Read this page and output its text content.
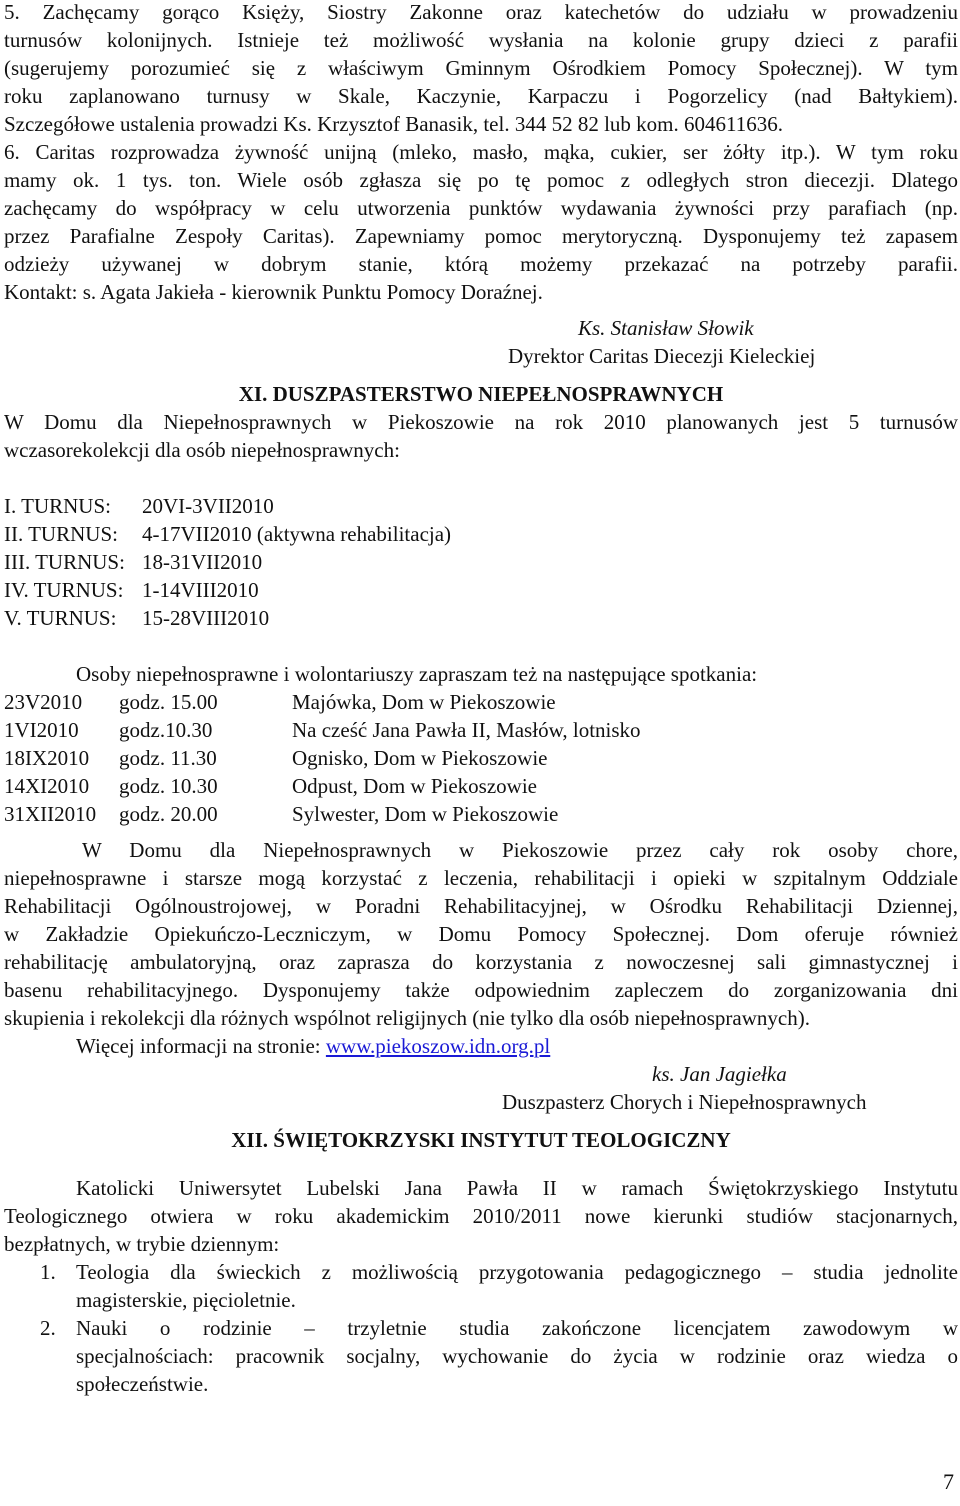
5. Zachęcamy gorąco Księży, Siostry Zakonne oraz katechetów do udziału w prowadzeniu

turnusów kolonijnych. Istnieje też możliwość wysłania na kolonie grupy dzieci z parafii

(sugerujemy porozumieć się z właściwym Gminnym Ośrodkiem Pomocy Społecznej). W tym

roku zaplanowano turnusy w Skale, Kaczynie, Karpaczu i Pogorzelicy (nad Bałtykiem).

Szczegółowe ustalenia prowadzi Ks. Krzysztof Banasik, tel. 344 52 82 lub kom. 604611636.

6. Caritas rozprowadza żywność unijną (mleko, masło, mąka, cukier, ser żółty itp.). W tym roku

mamy ok. 1 tys. ton. Wiele osób zgłasza się po tę pomoc z odległych stron diecezji. Dlatego

zachęcamy do współpracy w celu utworzenia punktów wydawania żywności przy parafiach (np.

przez Parafialne Zespoły Caritas). Zapewniamy pomoc merytoryczną. Dysponujemy też zapasem

odzieży używanej w dobrym stanie, którą możemy przekazać na potrzeby parafii.

Kontakt: s. Agata Jakieła - kierownik Punktu Pomocy Doraźnej.

Ks. Stanisław Słowik

Dyrektor Caritas Diecezji Kieleckiej

XI. DUSZPASTERSTWO NIEPEŁNOSPRAWNYCH

W Domu dla Niepełnosprawnych w Piekoszowie na rok 2010 planowanych jest 5 turnusów

wczasorekolekcji dla osób niepełnosprawnych:

I. TURNUS:	20VI-3VII2010
II. TURNUS:	4-17VII2010 (aktywna rehabilitacja)
III. TURNUS: 18-31VII2010
IV. TURNUS: 1-14VIII2010
V. TURNUS:	15-28VIII2010

Osoby niepełnosprawne i wolontariuszy zapraszam też na następujące spotkania:

23V2010	godz. 15.00	Majówka, Dom w Piekoszowie
1VI2010	godz.10.30	Na cześć Jana Pawła II, Masłów, lotnisko
18IX2010	godz. 11.30	Ognisko, Dom w Piekoszowie
14XI2010	godz. 10.30	Odpust, Dom w Piekoszowie
31XII2010	godz. 20.00	Sylwester, Dom w Piekoszowie

W Domu dla Niepełnosprawnych w Piekoszowie przez cały rok osoby chore,

niepełnosprawne i starsze mogą korzystać z leczenia, rehabilitacji i opieki w szpitalnym Oddziale

Rehabilitacji Ogólnoustrojowej, w Poradni Rehabilitacyjnej, w Ośrodku Rehabilitacji Dziennej,

w Zakładzie Opiekuńczo-Leczniczym, w Domu Pomocy Społecznej. Dom oferuje również

rehabilitację ambulatoryjną, oraz zaprasza do korzystania z nowoczesnej sali gimnastycznej i

basenu rehabilitacyjnego. Dysponujemy także odpowiednim zapleczem do zorganizowania dni

skupienia i rekolekcji dla różnych wspólnot religijnych (nie tylko dla osób niepełnosprawnych).

Więcej informacji na stronie: www.piekoszow.idn.org.pl

ks. Jan Jagiełka

Duszpasterz Chorych i Niepełnosprawnych

XII. ŚWIĘTOKRZYSKI INSTYTUT TEOLOGICZNY

Katolicki Uniwersytet Lubelski Jana Pawła II w ramach Świętokrzyskiego Instytutu

Teologicznego otwiera w roku akademickim 2010/2011 nowe kierunki studiów stacjonarnych,

bezpłatnych, w trybie dziennym:

1. Teologia dla świeckich z możliwością przygotowania pedagogicznego – studia jednolite

magisterskie, pięcioletnie.

2. Nauki o rodzinie – trzyletnie studia zakończone licencjatem zawodowym w

specjalnościach: pracownik socjalny, wychowanie do życia w rodzinie oraz wiedza o

społeczeństwie.

7
